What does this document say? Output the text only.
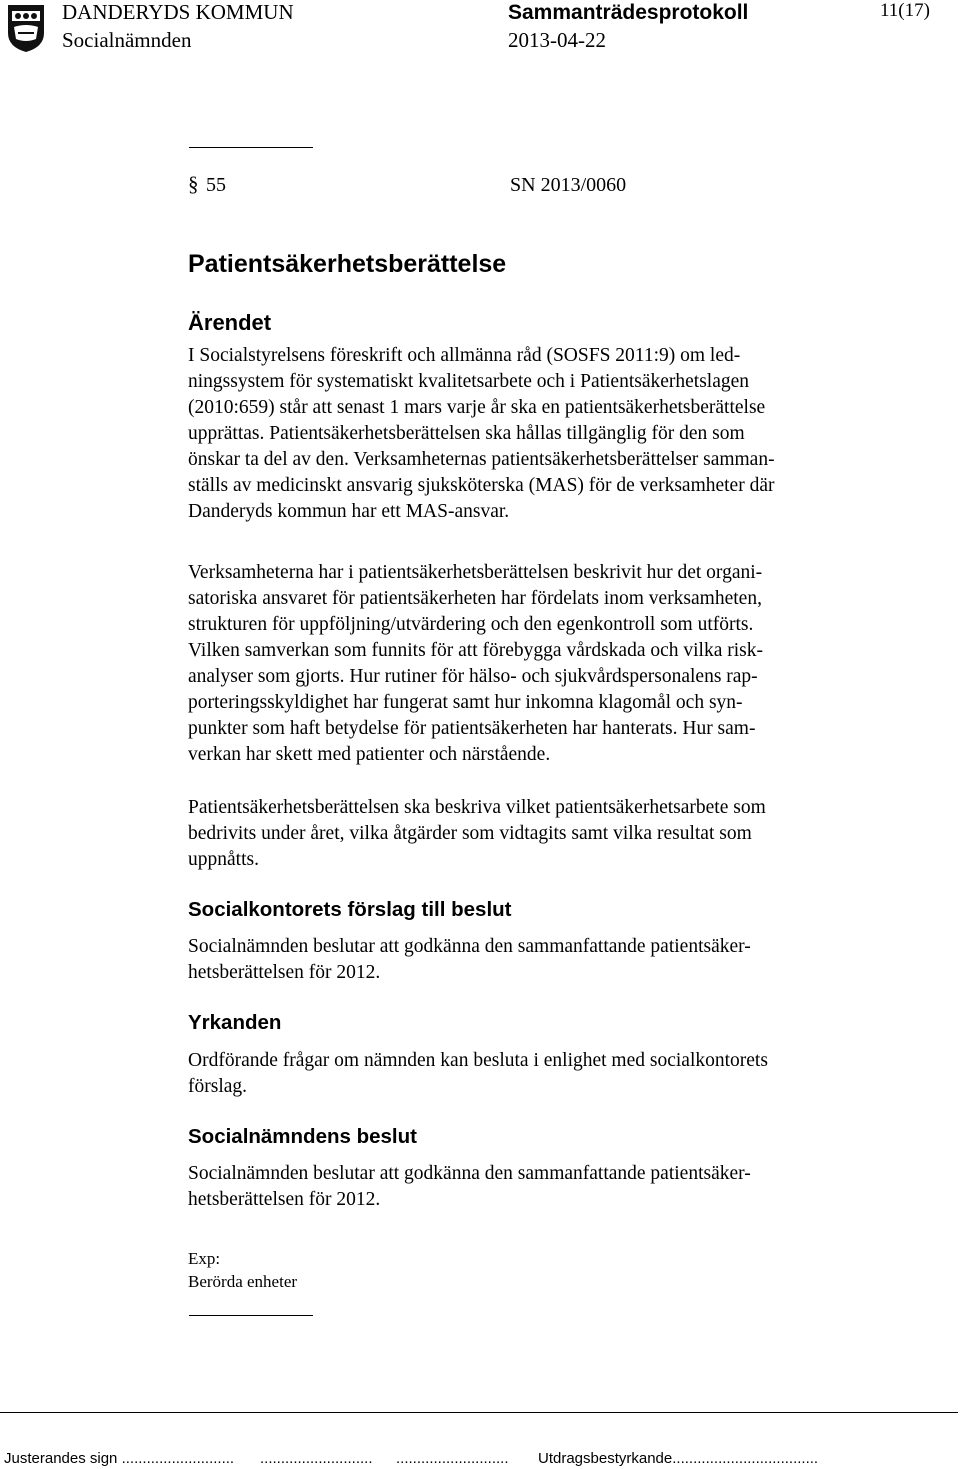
DANDERYDS KOMMUN
Socialnämnden
Sammanträdesprotokoll
2013-04-22
11(17)
§ 55	SN 2013/0060
Patientsäkerhetsberättelse
Ärendet
I Socialstyrelsens föreskrift och allmänna råd (SOSFS 2011:9) om led-
ningssystem för systematiskt kvalitetsarbete och i Patientsäkerhetslagen
(2010:659) står att senast 1 mars varje år ska en patientsäkerhetsberättelse
upprättas. Patientsäkerhetsberättelsen ska hållas tillgänglig för den som
önskar ta del av den. Verksamheternas patientsäkerhetsberättelser samman-
ställs av medicinskt ansvarig sjuksköterska (MAS) för de verksamheter där
Danderyds kommun har ett MAS-ansvar.
Verksamheterna har i patientsäkerhetsberättelsen beskrivit hur det organi-
satoriska ansvaret för patientsäkerheten har fördelats inom verksamheten,
strukturen för uppföljning/utvärdering och den egenkontroll som utförts.
Vilken samverkan som funnits för att förebygga vårdskada och vilka risk-
analyser som gjorts. Hur rutiner för hälso- och sjukvårdspersonalens rap-
porteringsskyldighet har fungerat samt hur inkomna klagomål och syn-
punkter som haft betydelse för patientsäkerheten har hanterats. Hur sam-
verkan har skett med patienter och närstående.
Patientsäkerhetsberättelsen ska beskriva vilket patientsäkerhetsarbete som
bedrivits under året, vilka åtgärder som vidtagits samt vilka resultat som
uppnåtts.
Socialkontorets förslag till beslut
Socialnämnden beslutar att godkänna den sammanfattande patientsäker-
hetsberättelsen för 2012.
Yrkanden
Ordförande frågar om nämnden kan besluta i enlighet med socialkontorets
förslag.
Socialnämndens beslut
Socialnämnden beslutar att godkänna den sammanfattande patientsäker-
hetsberättelsen för 2012.
Exp:
Berörda enheter
Justerandes sign ........................... ........................... ........................... Utdragsbestyrkande...................................
